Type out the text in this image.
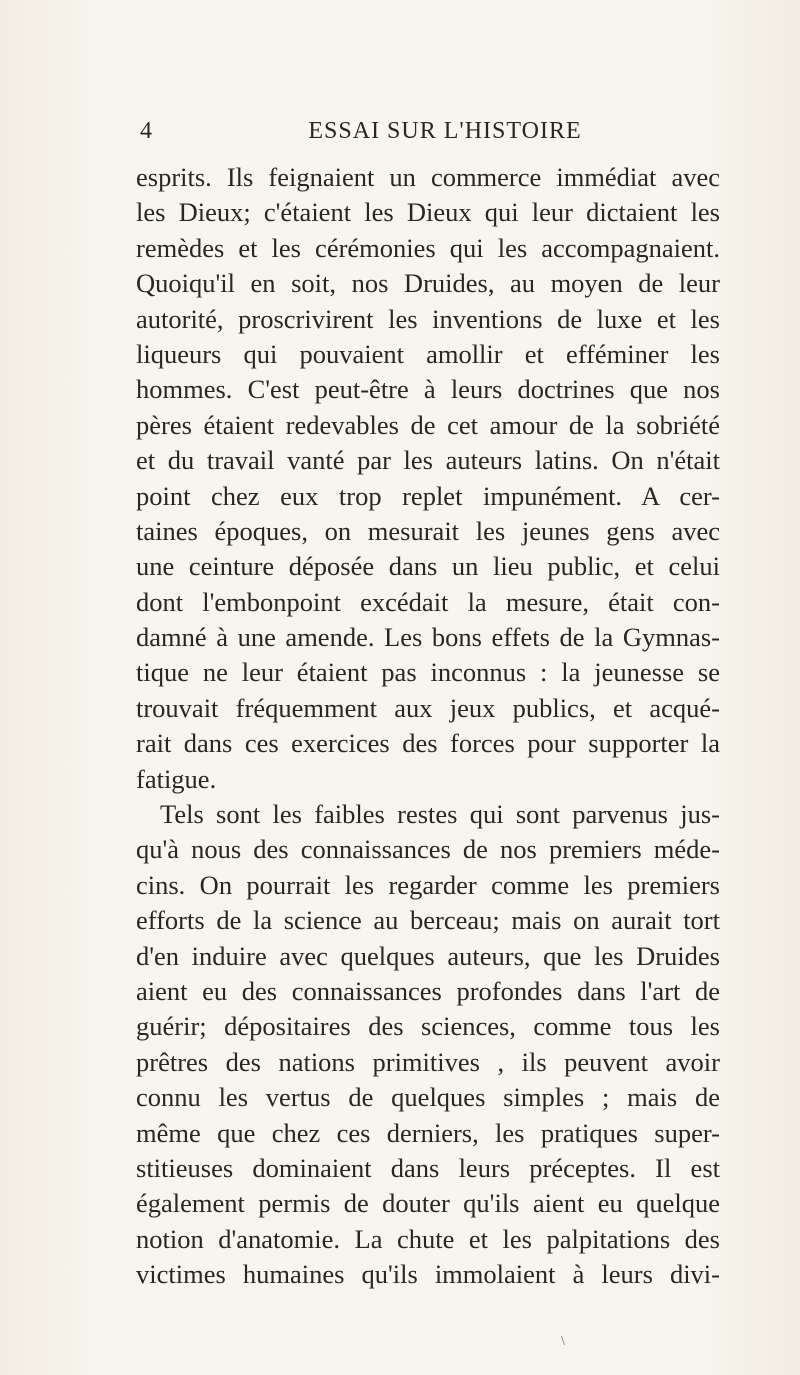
4	ESSAI SUR L'HISTOIRE
esprits. Ils feignaient un commerce immédiat avec
les Dieux; c'étaient les Dieux qui leur dictaient les
remèdes et les cérémonies qui les accompagnaient.
Quoiqu'il en soit, nos Druides, au moyen de leur
autorité, proscrivirent les inventions de luxe et les
liqueurs qui pouvaient amollir et efféminer les
hommes. C'est peut-être à leurs doctrines que nos
pères étaient redevables de cet amour de la sobriété
et du travail vanté par les auteurs latins. On n'était
point chez eux trop replet impunément. A cer-
taines époques, on mesurait les jeunes gens avec
une ceinture déposée dans un lieu public, et celui
dont l'embonpoint excédait la mesure, était con-
damné à une amende. Les bons effets de la Gymnas-
tique ne leur étaient pas inconnus : la jeunesse se
trouvait fréquemment aux jeux publics, et acqué-
rait dans ces exercices des forces pour supporter la
fatigue.
Tels sont les faibles restes qui sont parvenus jus-
qu'à nous des connaissances de nos premiers méde-
cins. On pourrait les regarder comme les premiers
efforts de la science au berceau; mais on aurait tort
d'en induire avec quelques auteurs, que les Druides
aient eu des connaissances profondes dans l'art de
guérir; dépositaires des sciences, comme tous les
prêtres des nations primitives , ils peuvent avoir
connu les vertus de quelques simples ; mais de
même que chez ces derniers, les pratiques super-
stitieuses dominaient dans leurs préceptes. Il est
également permis de douter qu'ils aient eu quelque
notion d'anatomie. La chute et les palpitations des
victimes humaines qu'ils immolaient à leurs divi-
\
